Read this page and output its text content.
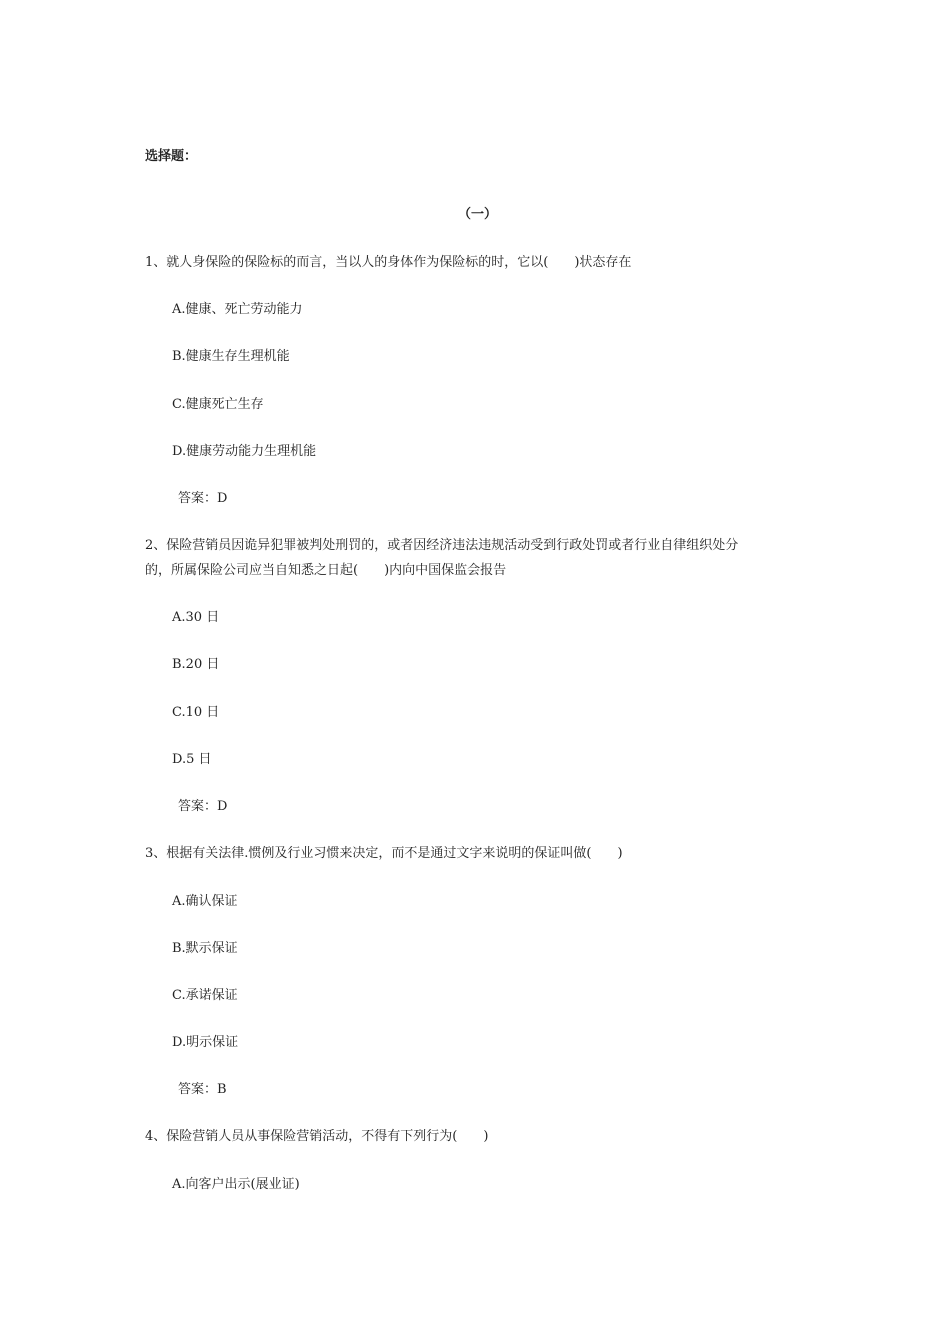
选择题：
（一）
1、就人身保险的保险标的而言，当以人的身体作为保险标的时，它以(　　)状态存在
A.健康、死亡劳动能力
B.健康生存生理机能
C.健康死亡生存
D.健康劳动能力生理机能
答案：D
2、保险营销员因诡异犯罪被判处刑罚的，或者因经济违法违规活动受到行政处罚或者行业自律组织处分
的，所属保险公司应当自知悉之日起(　　)内向中国保监会报告
A.30 日
B.20 日
C.10 日
D.5 日
答案：D
3、根据有关法律.惯例及行业习惯来决定，而不是通过文字来说明的保证叫做(　　)
A.确认保证
B.默示保证
C.承诺保证
D.明示保证
答案：B
4、保险营销人员从事保险营销活动，不得有下列行为(　　)
A.向客户出示(展业证)
